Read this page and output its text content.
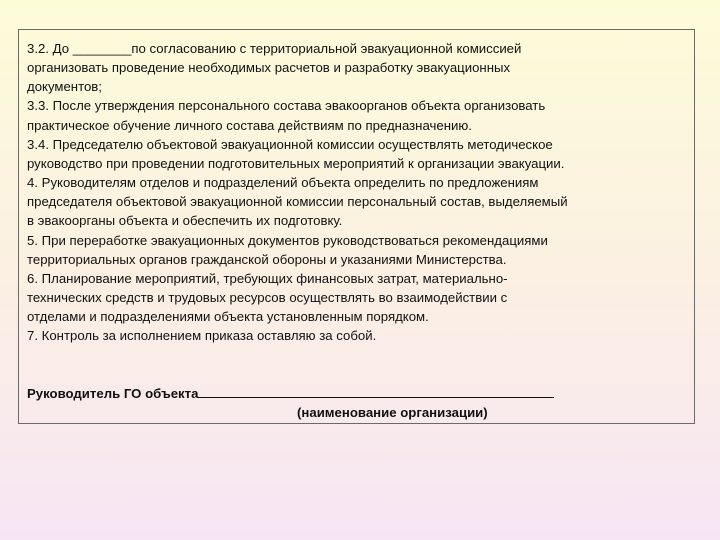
3.2. До ________по согласованию с территориальной эвакуационной комиссией

организовать проведение необходимых расчетов и разработку эвакуационных

документов;

3.3. После утверждения персонального состава эвакоорганов объекта организовать

практическое обучение личного состава действиям по предназначению.

3.4. Председателю объектовой эвакуационной комиссии осуществлять методическое

руководство при проведении подготовительных мероприятий к организации эвакуации.

4. Руководителям отделов и подразделений объекта определить по предложениям

председателя объектовой эвакуационной комиссии персональный состав, выделяемый

в эвакоорганы объекта и обеспечить их подготовку.

5. При переработке эвакуационных документов руководствоваться рекомендациями

территориальных органов гражданской обороны и указаниями Министерства.

6. Планирование мероприятий, требующих финансовых затрат, материально-

технических средств и трудовых ресурсов осуществлять во взаимодействии с

отделами и подразделениями объекта установленным порядком.

7. Контроль за исполнением приказа оставляю за собой.

Руководитель ГО объекта

(наименование организации)
